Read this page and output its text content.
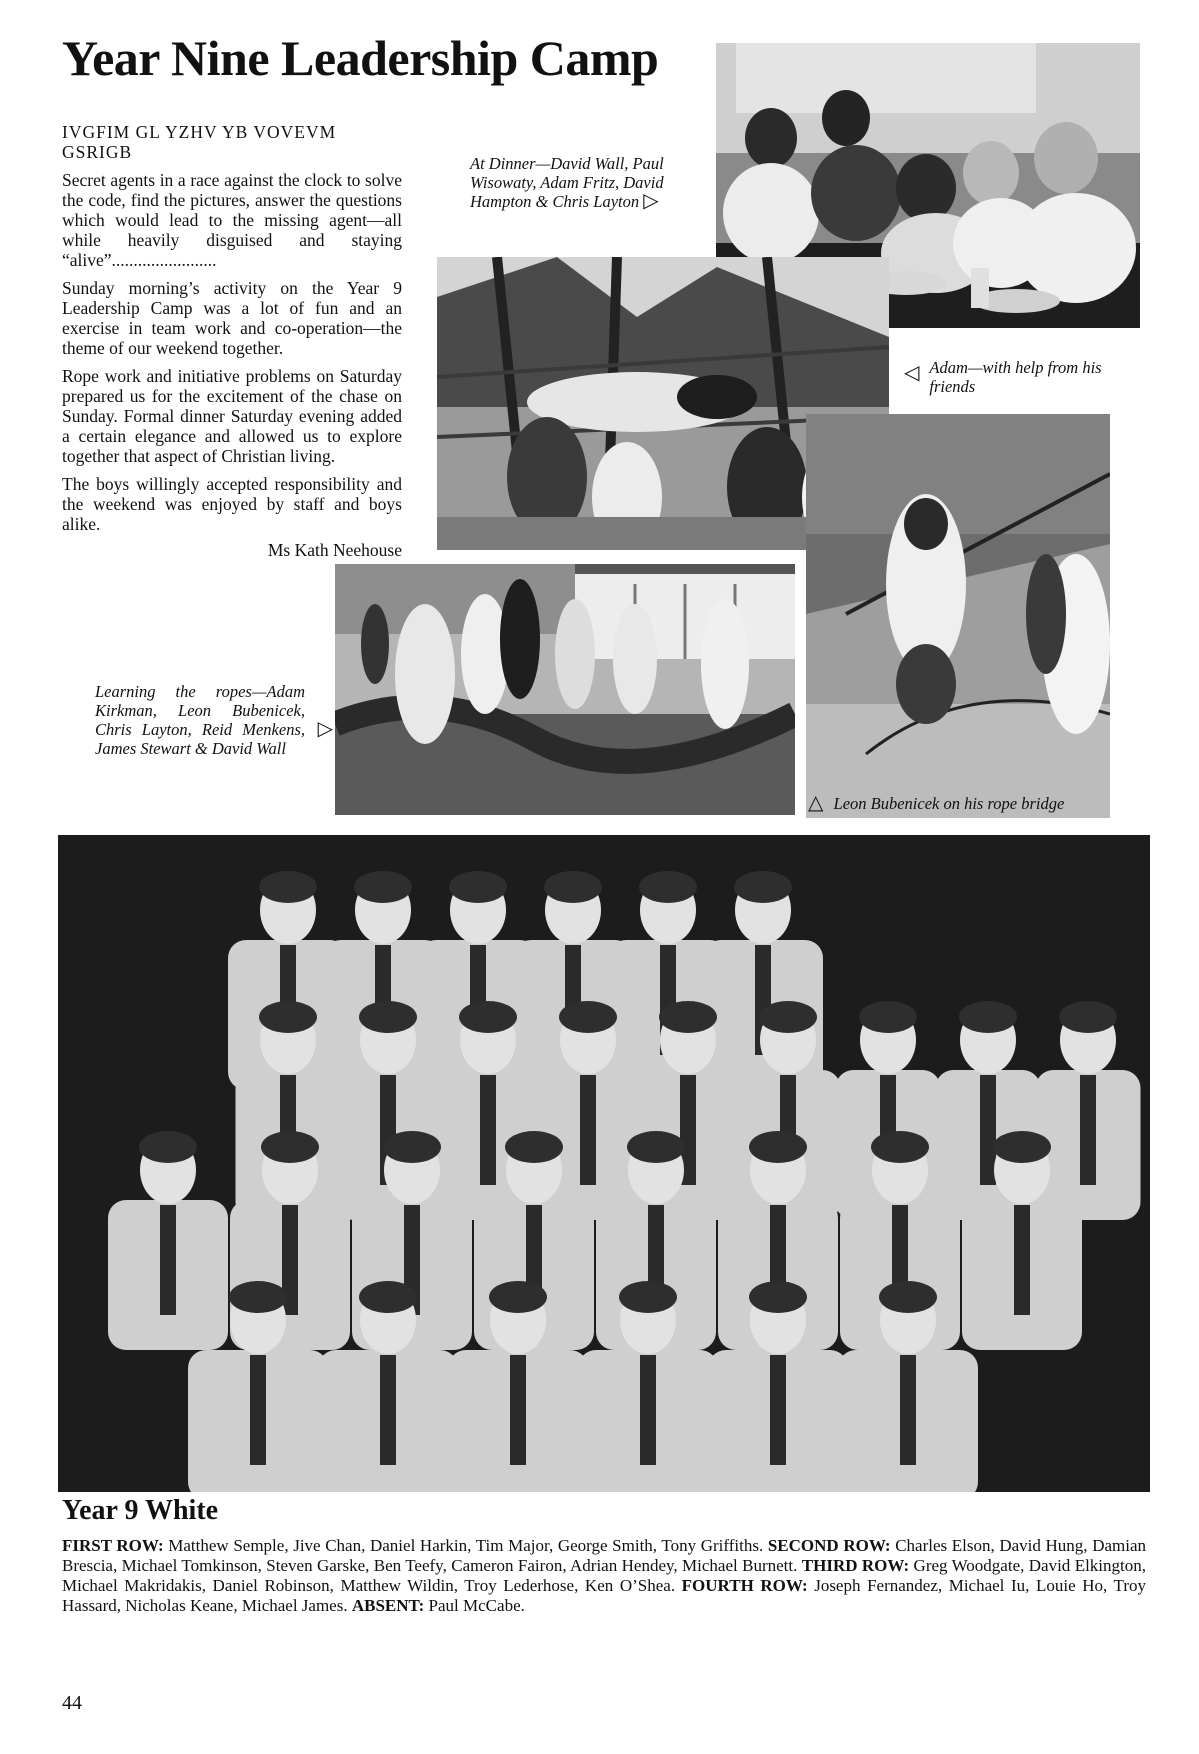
Year Nine Leadership Camp

IVGFIM GL YZHV YB VOVEVM GSRIGB

Secret agents in a race against the clock to solve the code, find the pictures, answer the questions which would lead to the missing agent—all while heavily disguised and staying “alive”........................

Sunday morning’s activity on the Year 9 Leadership Camp was a lot of fun and an exercise in team work and co-operation—the theme of our weekend together.

Rope work and initiative problems on Saturday prepared us for the excitement of the chase on Sunday. Formal dinner Saturday evening added a certain elegance and allowed us to explore together that aspect of Christian living.

The boys willingly accepted responsibility and the weekend was enjoyed by staff and boys alike.

Ms Kath Neehouse

At Dinner—David Wall, Paul Wisowaty, Adam Fritz, David Hampton & Chris Layton ▷
◁ Adam—with help from his friends
Learning the ropes—Adam Kirkman, Leon Bubenicek, Chris Layton, Reid Menkens, James Stewart & David Wall
▷
△ Leon Bubenicek on his rope bridge
Year 9 White
FIRST ROW: Matthew Semple, Jive Chan, Daniel Harkin, Tim Major, George Smith, Tony Griffiths. SECOND ROW: Charles Elson, David Hung, Damian Brescia, Michael Tomkinson, Steven Garske, Ben Teefy, Cameron Fairon, Adrian Hendey, Michael Burnett. THIRD ROW: Greg Woodgate, David Elkington, Michael Makridakis, Daniel Robinson, Matthew Wildin, Troy Lederhose, Ken O’Shea. FOURTH ROW: Joseph Fernandez, Michael Iu, Louie Ho, Troy Hassard, Nicholas Keane, Michael James. ABSENT: Paul McCabe.
44
